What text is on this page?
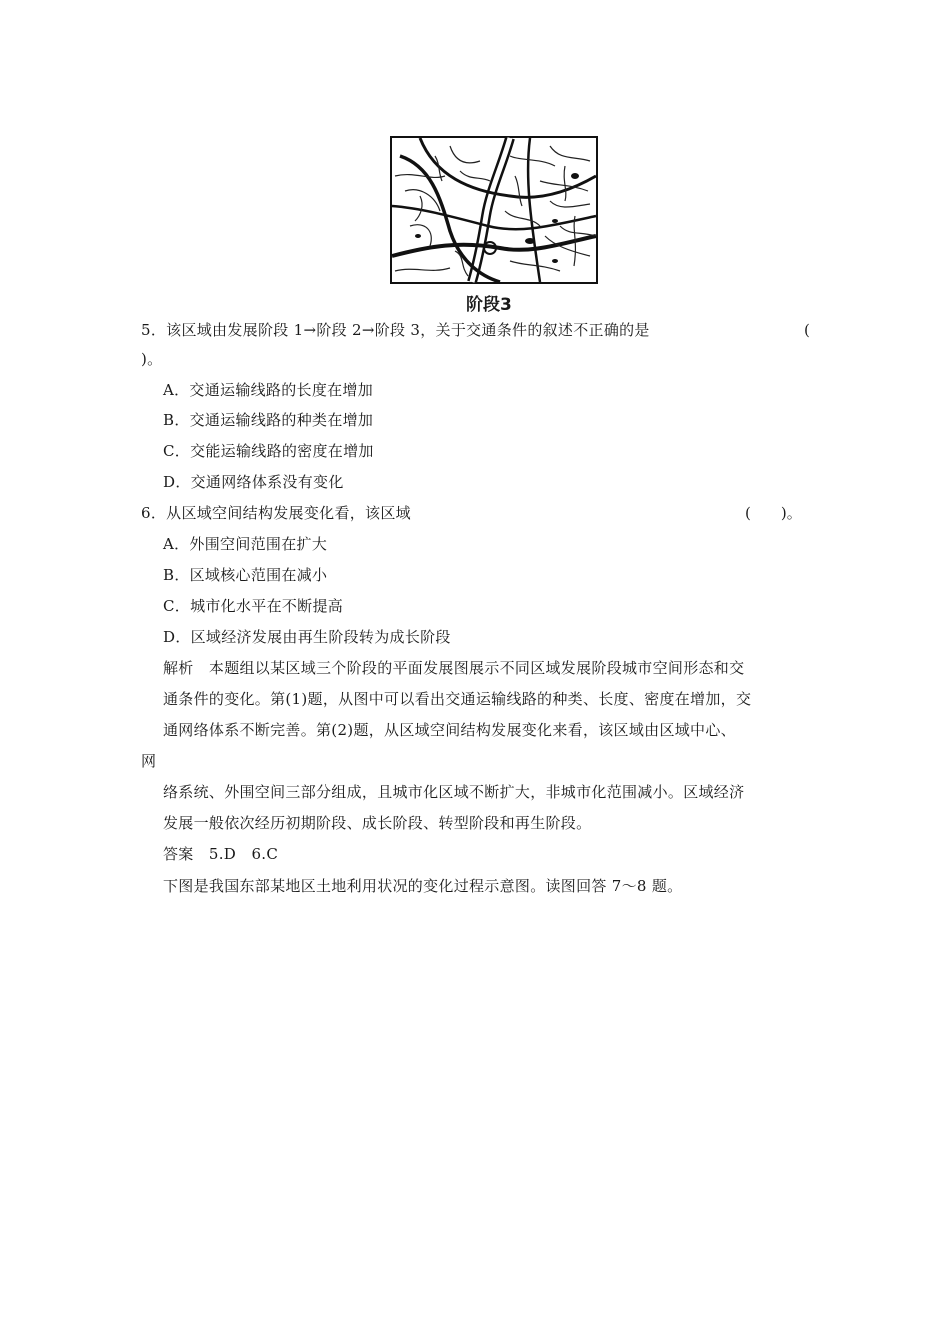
阶段3
5．该区域由发展阶段 1→阶段 2→阶段 3，关于交通条件的叙述不正确的是	(
)。
A．交通运输线路的长度在增加
B．交通运输线路的种类在增加
C．交能运输线路的密度在增加
D．交通网络体系没有变化
6．从区域空间结构发展变化看，该区域	(　　)。
A．外围空间范围在扩大
B．区域核心范围在减小
C．城市化水平在不断提高
D．区域经济发展由再生阶段转为成长阶段
解析　本题组以某区域三个阶段的平面发展图展示不同区域发展阶段城市空间形态和交
通条件的变化。第(1)题，从图中可以看出交通运输线路的种类、长度、密度在增加，交
通网络体系不断完善。第(2)题，从区域空间结构发展变化来看，该区域由区域中心、
网
络系统、外围空间三部分组成，且城市化区域不断扩大，非城市化范围减小。区域经济
发展一般依次经历初期阶段、成长阶段、转型阶段和再生阶段。
答案　5.D　6.C
下图是我国东部某地区土地利用状况的变化过程示意图。读图回答 7～8 题。
